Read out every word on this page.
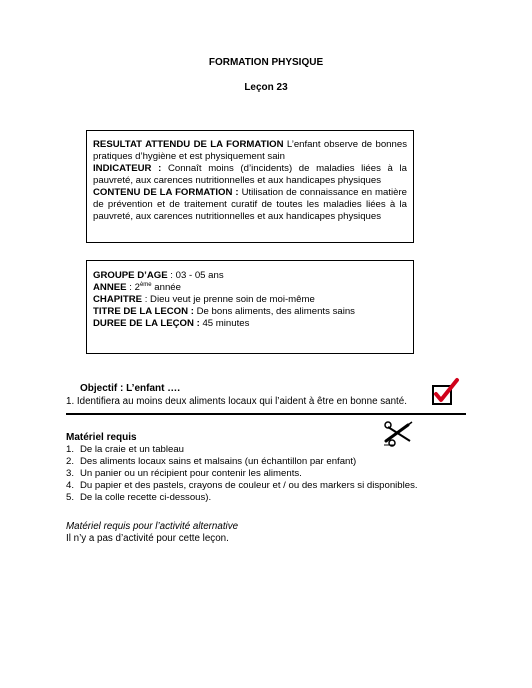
FORMATION PHYSIQUE
Leçon 23

RESULTAT ATTENDU DE LA FORMATION L’enfant observe de bonnes pratiques d’hygiène et est physiquement sain

INDICATEUR : Connaît moins (d’incidents) de maladies liées à la pauvreté, aux carences nutritionnelles et aux handicapes physiques

CONTENU DE LA FORMATION : Utilisation de connaissance en matière de prévention et de traitement curatif de toutes les maladies liées à la pauvreté, aux carences nutritionnelles et aux handicapes physiques

GROUPE D’AGE : 03 - 05 ans

ANNEE : 2ème année

CHAPITRE : Dieu veut je prenne soin de moi-même

TITRE DE LA LECON : De bons aliments, des aliments sains

DUREE DE LA LEÇON : 45 minutes

Objectif : L’enfant ….
1. Identifiera au moins deux aliments locaux qui l’aident à être en bonne santé.
Matériel requis
1. De la craie et un tableau
2. Des aliments locaux sains et malsains (un échantillon par enfant)
3. Un panier ou un récipient pour contenir les aliments.
4. Du papier et des pastels, crayons de couleur et / ou des markers si disponibles.
5. De la colle recette ci-dessous).
Matériel requis pour l’activité alternative
Il n’y a pas d’activité pour cette leçon.
